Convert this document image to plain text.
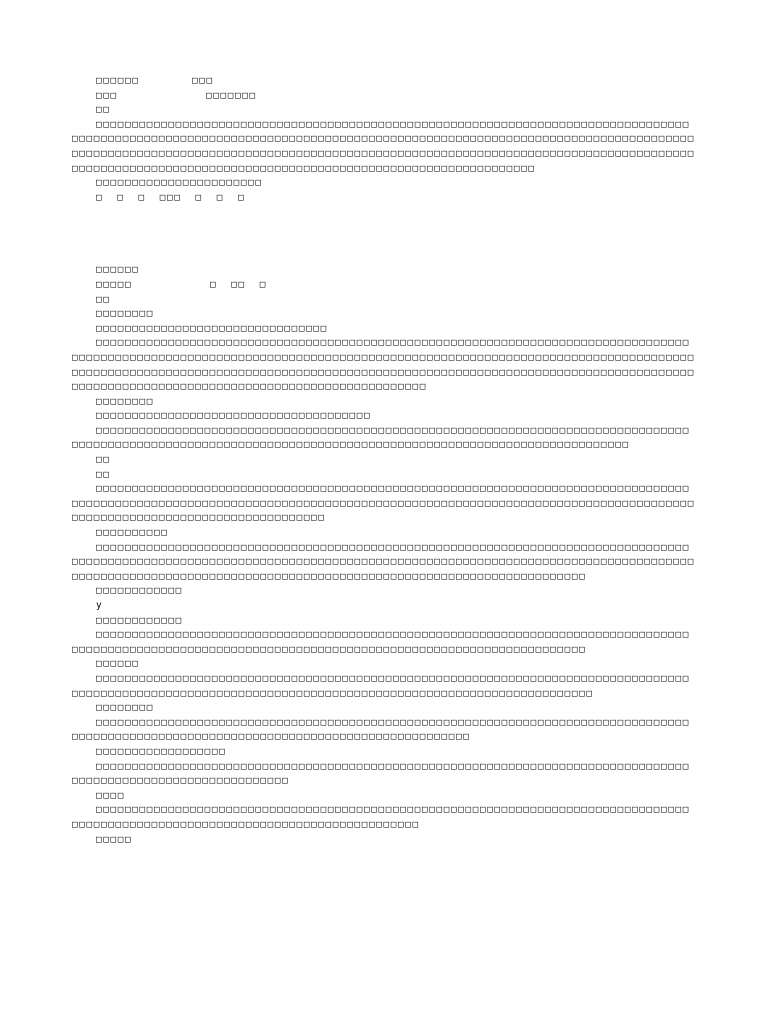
□□□□□□	□□□
□□□	□□□□□□□
□□
□□□□□□□□□□□□□□□□□□□□□□□□□□□□□□□□□□□□□□□□□□□□□□□□□□□□□□□□□□□□□□□□□□□□□□□□□□□□□□□□□□□□□□□□□□□□□□□□□□□□□□□□□□□□□□□□□□□□□□□□□□□□□□□□□□□□□□□□□□□□□□□□□□□□□□□□□□□□□□□□□□□□□□□□□□□□□□□□□□□□□□□□□□□□□□□□□□□□□□□□□□□□□□□□□□□□□□□□□□□□□□□□□□□□□□□□□□□□□□□□□□□□□□□□□□□□□□□□□□□□□□□□□□□□□□□□□□□□□□□□□□□□□□□□□□□□□□□□□□□□□□□□□□□□□□□□□□□□□□
□□□□□□□□□□□□□□□□□□□□□□□
□ □ □ □□□ □ □ □
□□□□□□
□□□□□	□ □□ □
□□
□□□□□□□□
□□□□□□□□□□□□□□□□□□□□□□□□□□□□□□□□
□□□□□□□□□□□□□□□□□□□□□□□□□□□□□□□□□□□□□□□□□□□□□□□□□□□□□□□□□□□□□□□□□□□□□□□□□□□□□□□□□□□□□□□□□□□□□□□□□□□□□□□□□□□□□□□□□□□□□□□□□□□□□□□□□□□□□□□□□□□□□□□□□□□□□□□□□□□□□□□□□□□□□□□□□□□□□□□□□□□□□□□□□□□□□□□□□□□□□□□□□□□□□□□□□□□□□□□□□□□□□□□□□□□□□□□□□□□□□□□□□□□□□□□□□□□□□□□□□□□□□□□□□□□□□□□□□□□□□□□□□□□□□□□□□□□□□□□□□□□□□□□
□□□□□□□□
□□□□□□□□□□□□□□□□□□□□□□□□□□□□□□□□□□□□□□
□□□□□□□□□□□□□□□□□□□□□□□□□□□□□□□□□□□□□□□□□□□□□□□□□□□□□□□□□□□□□□□□□□□□□□□□□□□□□□□□□□□□□□□□□□□□□□□□□□□□□□□□□□□□□□□□□□□□□□□□□□□□□□□□□□□□□□□□□□□□□□□□□□□□□□□□□□□□□□□
□□
□□
□□□□□□□□□□□□□□□□□□□□□□□□□□□□□□□□□□□□□□□□□□□□□□□□□□□□□□□□□□□□□□□□□□□□□□□□□□□□□□□□□□□□□□□□□□□□□□□□□□□□□□□□□□□□□□□□□□□□□□□□□□□□□□□□□□□□□□□□□□□□□□□□□□□□□□□□□□□□□□□□□□□□□□□□□□□□□□□□□□□□□□□□□□□□□□□□□□□□□□□□□□□
□□□□□□□□□□
□□□□□□□□□□□□□□□□□□□□□□□□□□□□□□□□□□□□□□□□□□□□□□□□□□□□□□□□□□□□□□□□□□□□□□□□□□□□□□□□□□□□□□□□□□□□□□□□□□□□□□□□□□□□□□□□□□□□□□□□□□□□□□□□□□□□□□□□□□□□□□□□□□□□□□□□□□□□□□□□□□□□□□□□□□□□□□□□□□□□□□□□□□□□□□□□□□□□□□□□□□□□□□□□□□□□□□□□□□□□□□□□□□□□□□□□□□□□□□□
□□□□□□□□□□□□
у
□□□□□□□□□□□□
□□□□□□□□□□□□□□□□□□□□□□□□□□□□□□□□□□□□□□□□□□□□□□□□□□□□□□□□□□□□□□□□□□□□□□□□□□□□□□□□□□□□□□□□□□□□□□□□□□□□□□□□□□□□□□□□□□□□□□□□□□□□□□□□□□□□□□□□□□□□□□□□□□□□□□□□□
□□□□□□
□□□□□□□□□□□□□□□□□□□□□□□□□□□□□□□□□□□□□□□□□□□□□□□□□□□□□□□□□□□□□□□□□□□□□□□□□□□□□□□□□□□□□□□□□□□□□□□□□□□□□□□□□□□□□□□□□□□□□□□□□□□□□□□□□□□□□□□□□□□□□□□□□□□□□□□□□□
□□□□□□□□
□□□□□□□□□□□□□□□□□□□□□□□□□□□□□□□□□□□□□□□□□□□□□□□□□□□□□□□□□□□□□□□□□□□□□□□□□□□□□□□□□□□□□□□□□□□□□□□□□□□□□□□□□□□□□□□□□□□□□□□□□□□□□□□□□□□□□□□□□
□□□□□□□□□□□□□□□□□□
□□□□□□□□□□□□□□□□□□□□□□□□□□□□□□□□□□□□□□□□□□□□□□□□□□□□□□□□□□□□□□□□□□□□□□□□□□□□□□□□□□□□□□□□□□□□□□□□□□□□□□□□□□□□□□□□
□□□□
□□□□□□□□□□□□□□□□□□□□□□□□□□□□□□□□□□□□□□□□□□□□□□□□□□□□□□□□□□□□□□□□□□□□□□□□□□□□□□□□□□□□□□□□□□□□□□□□□□□□□□□□□□□□□□□□□□□□□□□□□□□□□□□□□□
□□□□□
